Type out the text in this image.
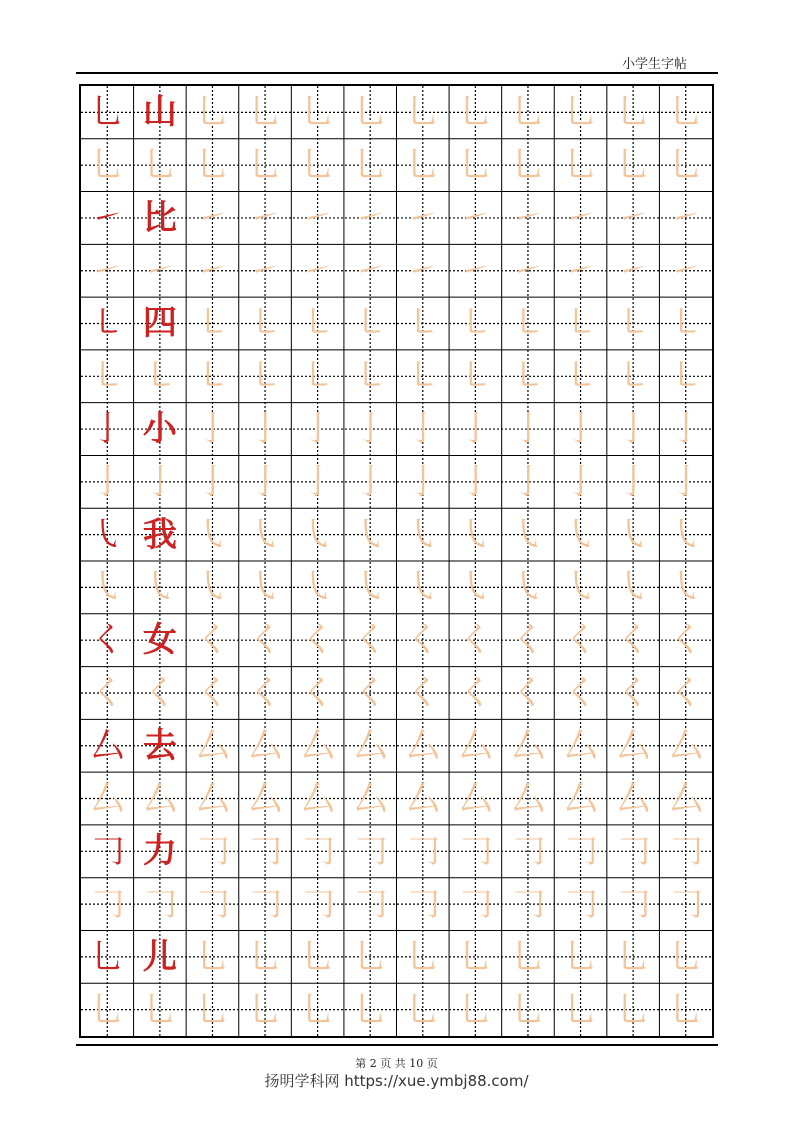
小学生字帖
乚 山 乚 乚 乚 乚 乚 乚 乚 乚 乚 乚
乚 乚 乚 乚 乚 乚 乚 乚 乚 乚 乚 乚
㇀ 比 ㇀ ㇀ ㇀ ㇀ ㇀ ㇀ ㇀ ㇀ ㇀ ㇀
㇀ ㇀ ㇀ ㇀ ㇀ ㇀ ㇀ ㇀ ㇀ ㇀ ㇀ ㇀
㇄ 四 ㇄ ㇄ ㇄ ㇄ ㇄ ㇄ ㇄ ㇄ ㇄ ㇄
㇄ ㇄ ㇄ ㇄ ㇄ ㇄ ㇄ ㇄ ㇄ ㇄ ㇄ ㇄
亅 小 亅 亅 亅 亅 亅 亅 亅 亅 亅 亅
亅 亅 亅 亅 亅 亅 亅 亅 亅 亅 亅 亅
㇂ 我 ㇂ ㇂ ㇂ ㇂ ㇂ ㇂ ㇂ ㇂ ㇂ ㇂
㇂ ㇂ ㇂ ㇂ ㇂ ㇂ ㇂ ㇂ ㇂ ㇂ ㇂ ㇂
く 女 く く く く く く く く く く
く く く く く く く く く く く く
厶 去 厶 厶 厶 厶 厶 厶 厶 厶 厶 厶
厶 厶 厶 厶 厶 厶 厶 厶 厶 厶 厶 厶
𠃌 力 𠃌 𠃌 𠃌 𠃌 𠃌 𠃌 𠃌 𠃌 𠃌 𠃌
𠃌 𠃌 𠃌 𠃌 𠃌 𠃌 𠃌 𠃌 𠃌 𠃌 𠃌 𠃌
乚 儿 乚 乚 乚 乚 乚 乚 乚 乚 乚 乚
乚 乚 乚 乚 乚 乚 乚 乚 乚 乚 乚 乚
第 2 页 共 10 页
扬明学科网 https://xue.ymbj88.com/
